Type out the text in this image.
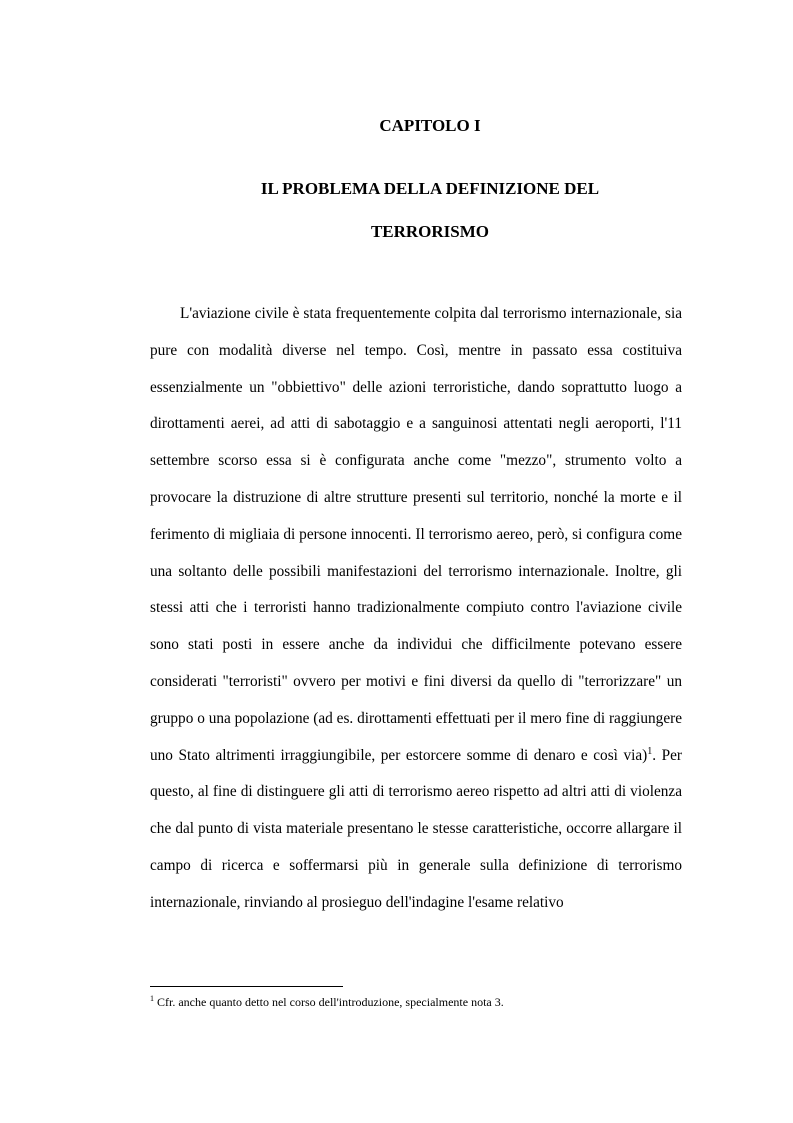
CAPITOLO I
IL PROBLEMA DELLA DEFINIZIONE DEL
TERRORISMO

L'aviazione civile è stata frequentemente colpita dal terrorismo internazionale, sia pure con modalità diverse nel tempo. Così, mentre in passato essa costituiva essenzialmente un "obbiettivo" delle azioni terroristiche, dando soprattutto luogo a dirottamenti aerei, ad atti di sabotaggio e a sanguinosi attentati negli aeroporti, l'11 settembre scorso essa si è configurata anche come "mezzo", strumento volto a provocare la distruzione di altre strutture presenti sul territorio, nonché la morte e il ferimento di migliaia di persone innocenti. Il terrorismo aereo, però, si configura come una soltanto delle possibili manifestazioni del terrorismo internazionale. Inoltre, gli stessi atti che i terroristi hanno tradizionalmente compiuto contro l'aviazione civile sono stati posti in essere anche da individui che difficilmente potevano essere considerati "terroristi" ovvero per motivi e fini diversi da quello di "terrorizzare" un gruppo o una popolazione (ad es. dirottamenti effettuati per il mero fine di raggiungere uno Stato altrimenti irraggiungibile, per estorcere somme di denaro e così via)$^1$. Per questo, al fine di distinguere gli atti di terrorismo aereo rispetto ad altri atti di violenza che dal punto di vista materiale presentano le stesse caratteristiche, occorre allargare il campo di ricerca e soffermarsi più in generale sulla definizione di terrorismo internazionale, rinviando al prosieguo dell'indagine l'esame relativo

$^1$ Cfr. anche quanto detto nel corso dell'introduzione, specialmente nota 3.
